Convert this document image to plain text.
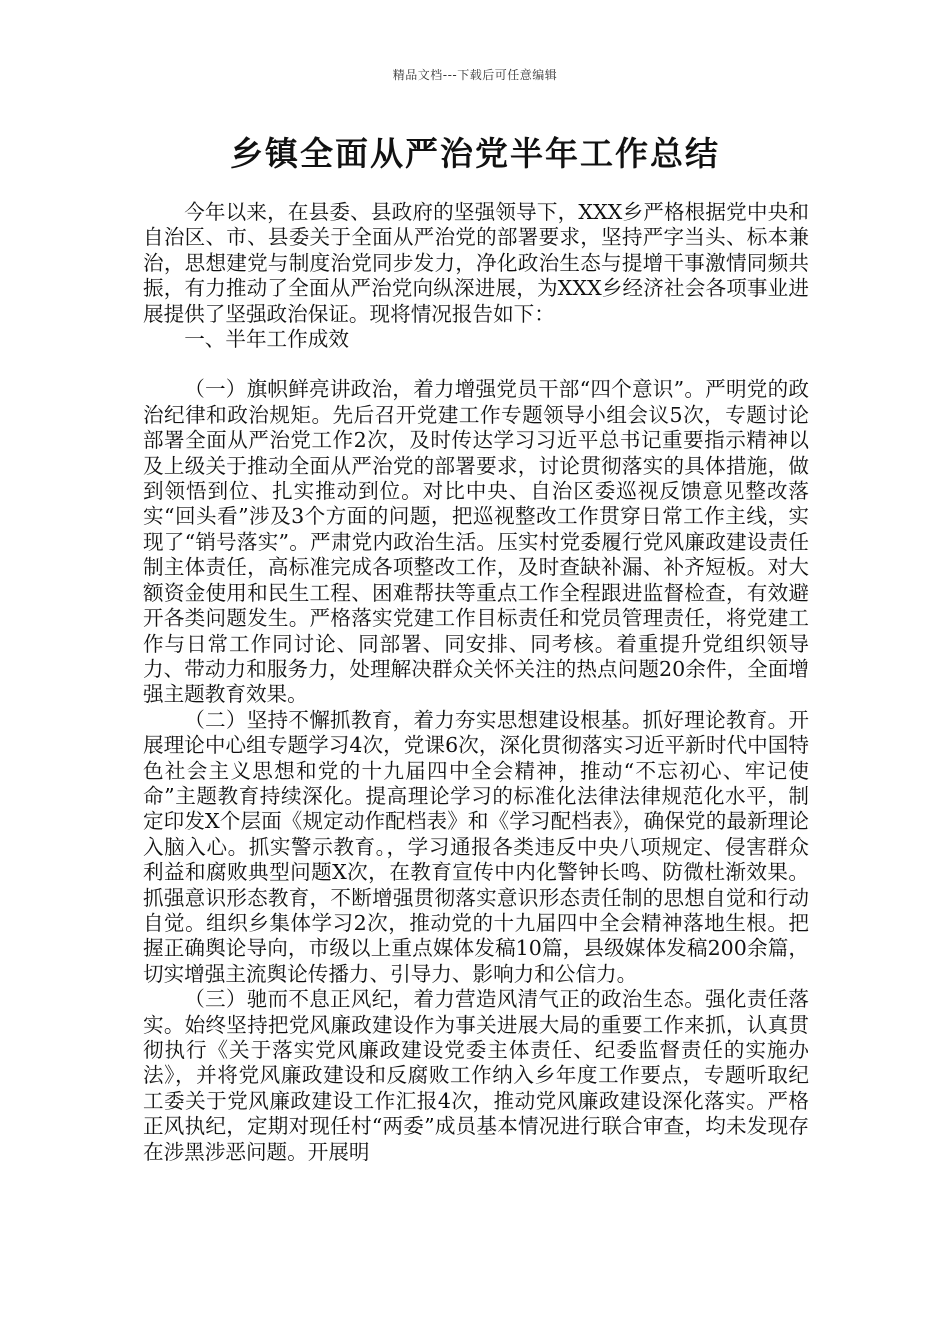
精品文档---下载后可任意编辑
乡镇全面从严治党半年工作总结

今年以来，在县委、县政府的坚强领导下，XXX乡严格根据党中央和自治区、市、县委关于全面从严治党的部署要求，坚持严字当头、标本兼治，思想建党与制度治党同步发力，净化政治生态与提增干事激情同频共振，有力推动了全面从严治党向纵深进展，为XXX乡经济社会各项事业进展提供了坚强政治保证。现将情况报告如下：

一、半年工作成效

（一）旗帜鲜亮讲政治，着力增强党员干部“四个意识”。严明党的政治纪律和政治规矩。先后召开党建工作专题领导小组会议5次，专题讨论部署全面从严治党工作2次，及时传达学习习近平总书记重要指示精神以及上级关于推动全面从严治党的部署要求，讨论贯彻落实的具体措施，做到领悟到位、扎实推动到位。对比中央、自治区委巡视反馈意见整改落实“回头看”涉及3个方面的问题，把巡视整改工作贯穿日常工作主线，实现了“销号落实”。严肃党内政治生活。压实村党委履行党风廉政建设责任制主体责任，高标准完成各项整改工作，及时查缺补漏、补齐短板。对大额资金使用和民生工程、困难帮扶等重点工作全程跟进监督检查，有效避开各类问题发生。严格落实党建工作目标责任和党员管理责任，将党建工作与日常工作同讨论、同部署、同安排、同考核。着重提升党组织领导力、带动力和服务力，处理解决群众关怀关注的热点问题20余件，全面增强主题教育效果。

（二）坚持不懈抓教育，着力夯实思想建设根基。抓好理论教育。开展理论中心组专题学习4次，党课6次，深化贯彻落实习近平新时代中国特色社会主义思想和党的十九届四中全会精神，推动“不忘初心、牢记使命”主题教育持续深化。提高理论学习的标准化法律法律规范化水平，制定印发X个层面《规定动作配档表》和《学习配档表》，确保党的最新理论入脑入心。抓实警示教育。，学习通报各类违反中央八项规定、侵害群众利益和腐败典型问题X次，在教育宣传中内化警钟长鸣、防微杜渐效果。抓强意识形态教育，不断增强贯彻落实意识形态责任制的思想自觉和行动自觉。组织乡集体学习2次，推动党的十九届四中全会精神落地生根。把握正确舆论导向，市级以上重点媒体发稿10篇，县级媒体发稿200余篇，切实增强主流舆论传播力、引导力、影响力和公信力。

（三）驰而不息正风纪，着力营造风清气正的政治生态。强化责任落实。始终坚持把党风廉政建设作为事关进展大局的重要工作来抓，认真贯彻执行《关于落实党风廉政建设党委主体责任、纪委监督责任的实施办法》，并将党风廉政建设和反腐败工作纳入乡年度工作要点，专题听取纪工委关于党风廉政建设工作汇报4次，推动党风廉政建设深化落实。严格正风执纪，定期对现任村“两委”成员基本情况进行联合审查，均未发现存在涉黑涉恶问题。开展明
